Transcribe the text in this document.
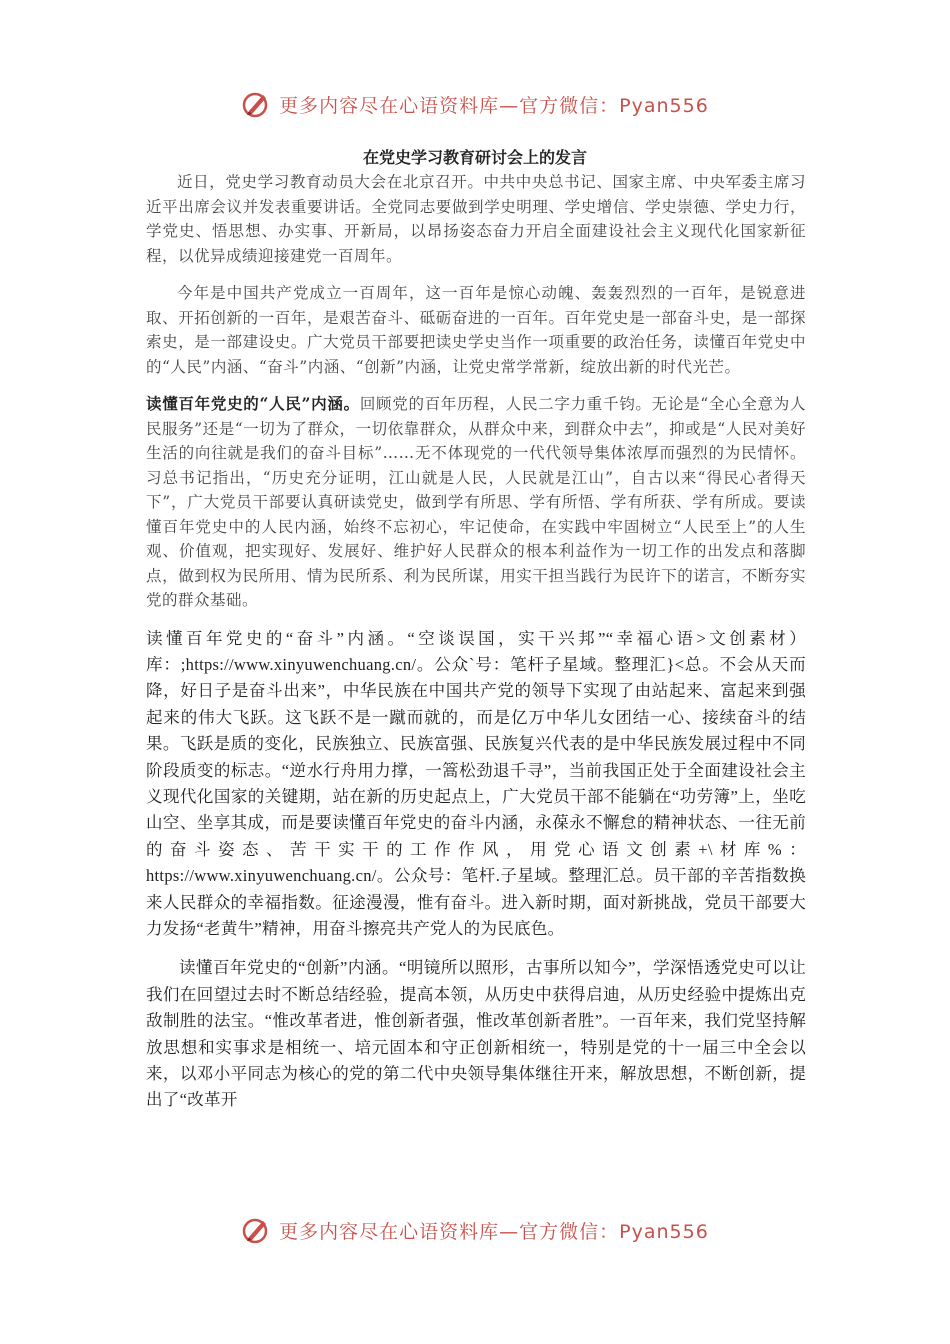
更多内容尽在心语资料库—官方微信：Pyan556
在党史学习教育研讨会上的发言

近日，党史学习教育动员大会在北京召开。中共中央总书记、国家主席、中央军委主席习近平出席会议并发表重要讲话。全党同志要做到学史明理、学史增信、学史崇德、学史力行，学党史、悟思想、办实事、开新局，以昂扬姿态奋力开启全面建设社会主义现代化国家新征程，以优异成绩迎接建党一百周年。

今年是中国共产党成立一百周年，这一百年是惊心动魄、轰轰烈烈的一百年，是锐意进取、开拓创新的一百年，是艰苦奋斗、砥砺奋进的一百年。百年党史是一部奋斗史，是一部探索史，是一部建设史。广大党员干部要把读史学史当作一项重要的政治任务，读懂百年党史中的“人民”内涵、“奋斗”内涵、“创新”内涵，让党史常学常新，绽放出新的时代光芒。

读懂百年党史的“人民”内涵。回顾党的百年历程，人民二字力重千钧。无论是“全心全意为人民服务”还是“一切为了群众，一切依靠群众，从群众中来，到群众中去”，抑或是“人民对美好生活的向往就是我们的奋斗目标”……无不体现党的一代代领导集体浓厚而强烈的为民情怀。习总书记指出，“历史充分证明，江山就是人民，人民就是江山”，自古以来“得民心者得天下”，广大党员干部要认真研读党史，做到学有所思、学有所悟、学有所获、学有所成。要读懂百年党史中的人民内涵，始终不忘初心，牢记使命，在实践中牢固树立“人民至上”的人生观、价值观，把实现好、发展好、维护好人民群众的根本利益作为一切工作的出发点和落脚点，做到权为民所用、情为民所系、利为民所谋，用实干担当践行为民许下的诺言，不断夯实党的群众基础。

读懂百年党史的“奋斗”内涵。“空谈误国，实干兴邦”“幸福心语>文创素材）库：;https://www.xinyuwenchuang.cn/。公众`号：笔杆子星域。整理汇}<总。不会从天而降，好日子是奋斗出来”，中华民族在中国共产党的领导下实现了由站起来、富起来到强起来的伟大飞跃。这飞跃不是一蹴而就的，而是亿万中华儿女团结一心、接续奋斗的结果。飞跃是质的变化，民族独立、民族富强、民族复兴代表的是中华民族发展过程中不同阶段质变的标志。“逆水行舟用力撑，一篙松劲退千寻”，当前我国正处于全面建设社会主义现代化国家的关键期，站在新的历史起点上，广大党员干部不能躺在“功劳簿”上，坐吃山空、坐享其成，而是要读懂百年党史的奋斗内涵，永葆永不懈怠的精神状态、一往无前的奋斗姿态、苦干实干的工作作风，用党心语文创素+\材库%：https://www.xinyuwenchuang.cn/。公众号：笔杆.子星域。整理汇总。员干部的辛苦指数换来人民群众的幸福指数。征途漫漫，惟有奋斗。进入新时期，面对新挑战，党员干部要大力发扬“老黄牛”精神，用奋斗擦亮共产党人的为民底色。

读懂百年党史的“创新”内涵。“明镜所以照形，古事所以知今”，学深悟透党史可以让我们在回望过去时不断总结经验，提高本领，从历史中获得启迪，从历史经验中提炼出克敌制胜的法宝。“惟改革者进，惟创新者强，惟改革创新者胜”。一百年来，我们党坚持解放思想和实事求是相统一、培元固本和守正创新相统一，特别是党的十一届三中全会以来，以邓小平同志为核心的党的第二代中央领导集体继往开来，解放思想，不断创新，提出了“改革开

更多内容尽在心语资料库—官方微信：Pyan556
